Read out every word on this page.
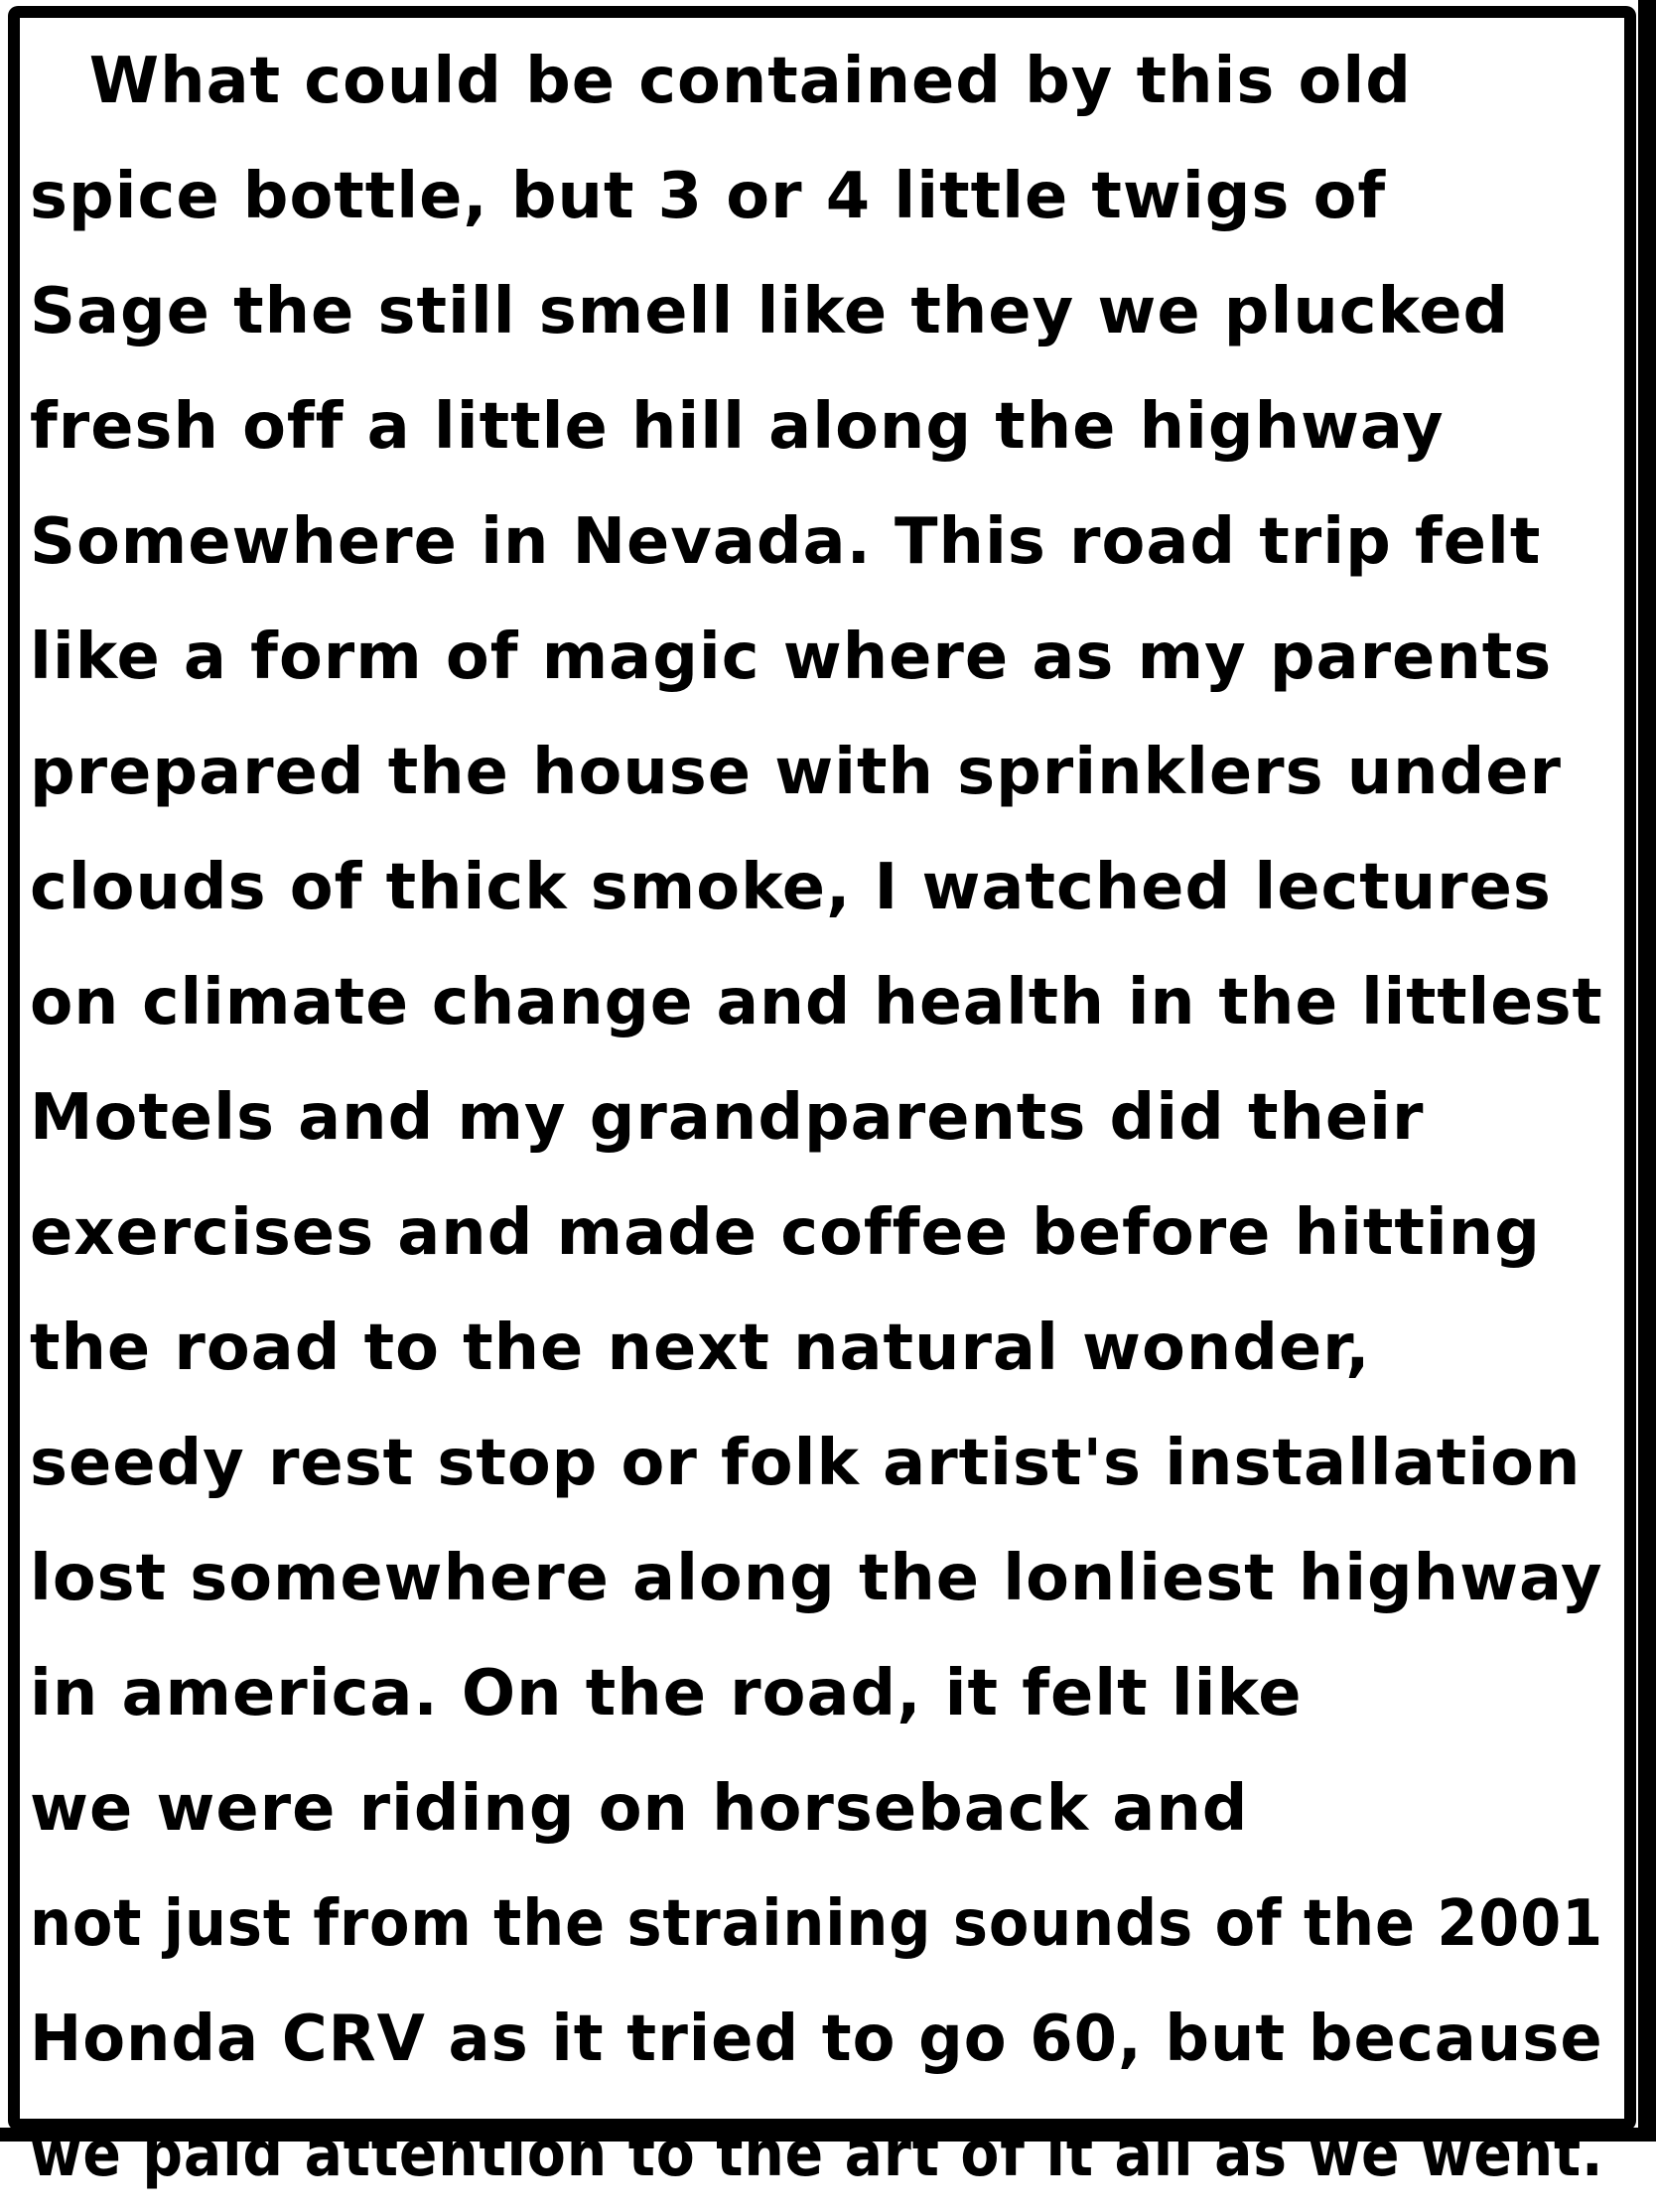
What could be contained by this old
spice bottle, but 3 or 4 little twigs of
Sage the still smell like they we plucked
fresh off a little hill along the highway
Somewhere in Nevada. This road trip felt
like a form of magic where as my parents
prepared the house with sprinklers under
clouds of thick smoke, I watched lectures
on climate change and health in the littlest
Motels and my grandparents did their
exercises and made coffee before hitting
the road to the next natural wonder,
seedy rest stop or folk artist's installation
lost somewhere along the lonliest highway
in america. On the road, it felt like
we were riding on horseback and
not just from the straining sounds of the 2001
Honda CRV as it tried to go 60, but because
we paid attention to the art of it all as we went.
